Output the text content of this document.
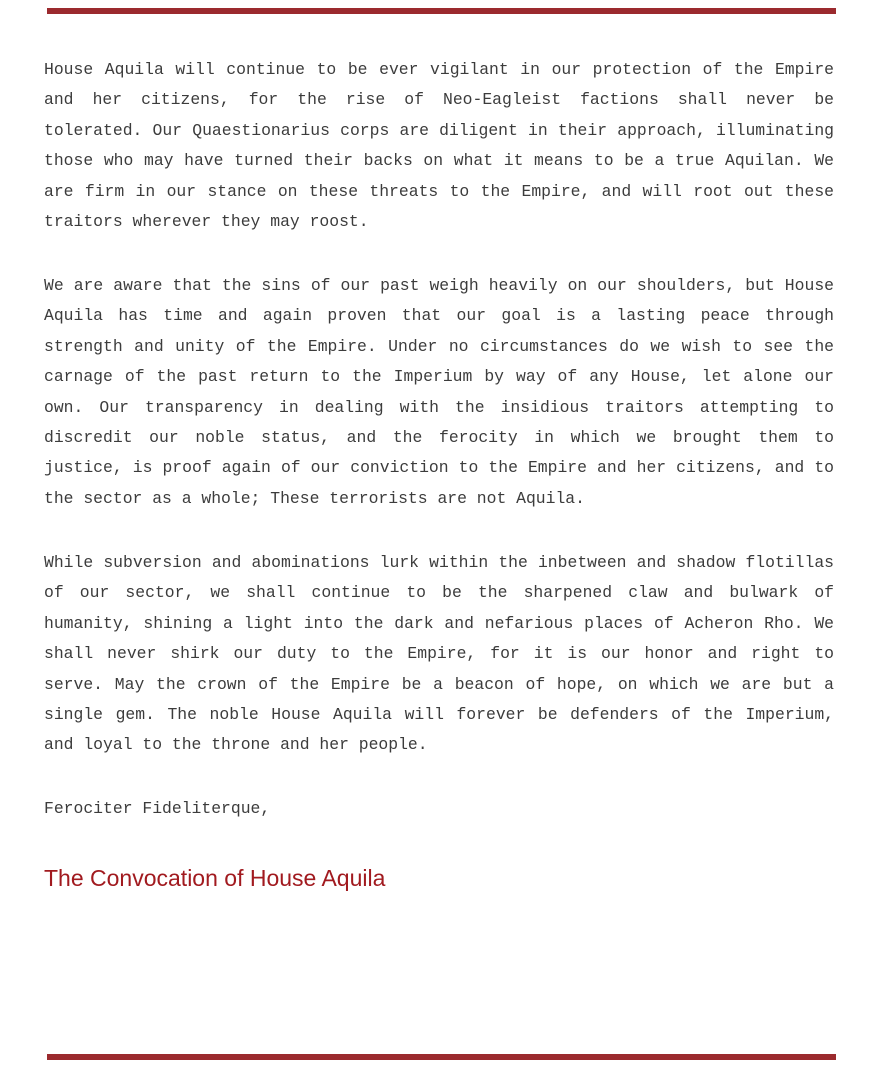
House Aquila will continue to be ever vigilant in our protection of the Empire and her citizens, for the rise of Neo-Eagleist factions shall never be tolerated. Our Quaestionarius corps are diligent in their approach, illuminating those who may have turned their backs on what it means to be a true Aquilan. We are firm in our stance on these threats to the Empire, and will root out these traitors wherever they may roost.

We are aware that the sins of our past weigh heavily on our shoulders, but House Aquila has time and again proven that our goal is a lasting peace through strength and unity of the Empire. Under no circumstances do we wish to see the carnage of the past return to the Imperium by way of any House, let alone our own. Our transparency in dealing with the insidious traitors attempting to discredit our noble status, and the ferocity in which we brought them to justice, is proof again of our conviction to the Empire and her citizens, and to the sector as a whole; These terrorists are not Aquila.

While subversion and abominations lurk within the inbetween and shadow flotillas of our sector, we shall continue to be the sharpened claw and bulwark of humanity, shining a light into the dark and nefarious places of Acheron Rho. We shall never shirk our duty to the Empire, for it is our honor and right to serve. May the crown of the Empire be a beacon of hope, on which we are but a single gem. The noble House Aquila will forever be defenders of the Imperium, and loyal to the throne and her people.

Ferociter Fideliterque,

The Convocation of House Aquila
